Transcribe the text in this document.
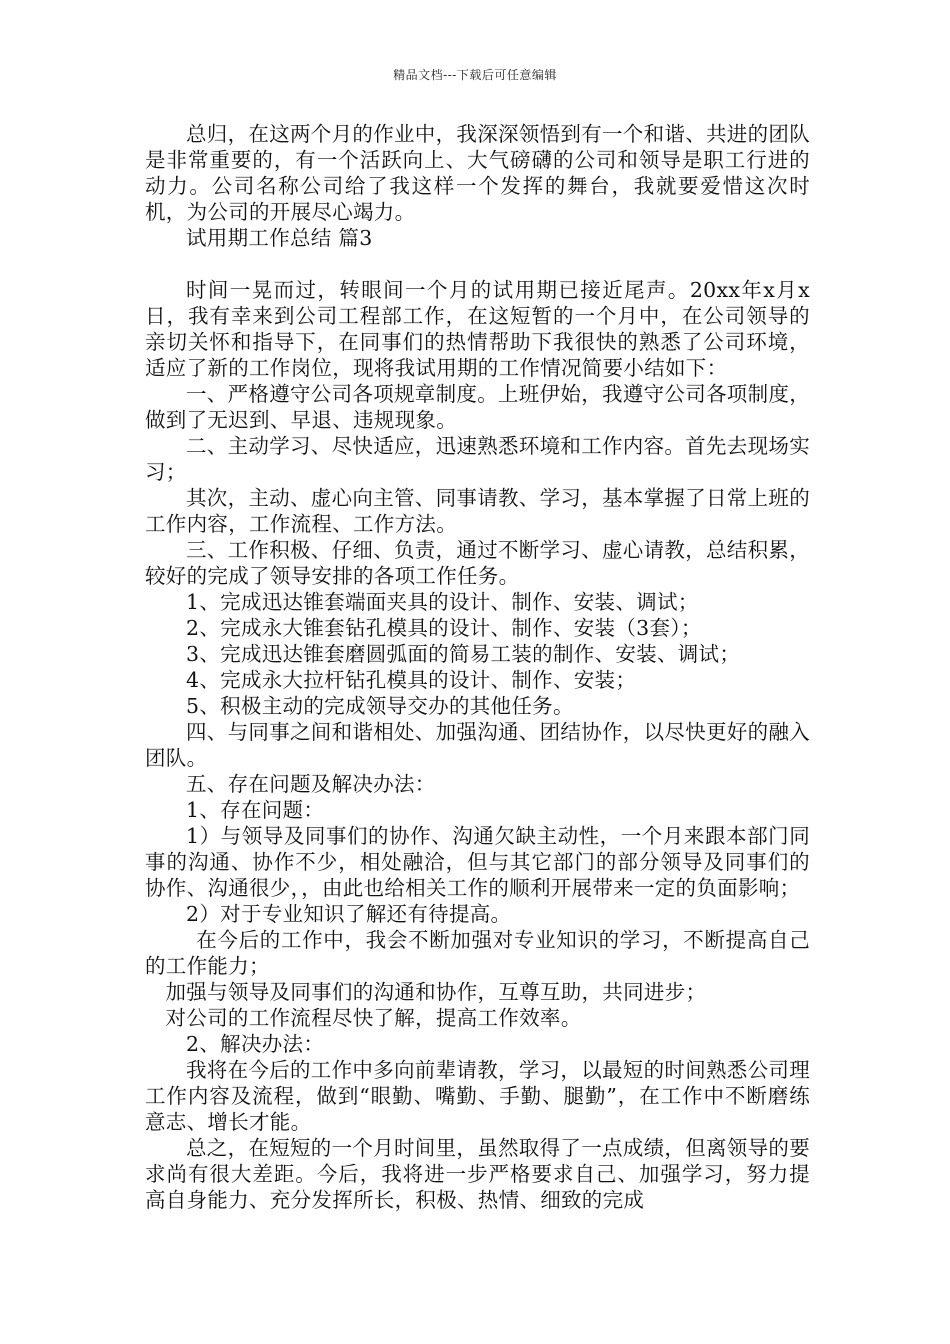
精品文档---下载后可任意编辑

总归，在这两个月的作业中，我深深领悟到有一个和谐、共进的团队是非常重要的，有一个活跃向上、大气磅礴的公司和领导是职工行进的动力。公司名称公司给了我这样一个发挥的舞台，我就要爱惜这次时机，为公司的开展尽心竭力。

试用期工作总结 篇3

时间一晃而过，转眼间一个月的试用期已接近尾声。20xx年x月x日，我有幸来到公司工程部工作，在这短暂的一个月中，在公司领导的亲切关怀和指导下，在同事们的热情帮助下我很快的熟悉了公司环境，适应了新的工作岗位，现将我试用期的工作情况简要小结如下：

一、严格遵守公司各项规章制度。上班伊始，我遵守公司各项制度，做到了无迟到、早退、违规现象。

二、主动学习、尽快适应，迅速熟悉环境和工作内容。首先去现场实习；

其次，主动、虚心向主管、同事请教、学习，基本掌握了日常上班的工作内容，工作流程、工作方法。

三、工作积极、仔细、负责，通过不断学习、虚心请教，总结积累，较好的完成了领导安排的各项工作任务。

1、完成迅达锥套端面夹具的设计、制作、安装、调试；

2、完成永大锥套钻孔模具的设计、制作、安装（3套）；

3、完成迅达锥套磨圆弧面的简易工装的制作、安装、调试；

4、完成永大拉杆钻孔模具的设计、制作、安装；

5、积极主动的完成领导交办的其他任务。

四、与同事之间和谐相处、加强沟通、团结协作，以尽快更好的融入团队。

五、存在问题及解决办法：

1、存在问题：

1）与领导及同事们的协作、沟通欠缺主动性，一个月来跟本部门同事的沟通、协作不少，相处融洽，但与其它部门的部分领导及同事们的协作、沟通很少，，由此也给相关工作的顺利开展带来一定的负面影响；

2）对于专业知识了解还有待提高。

在今后的工作中，我会不断加强对专业知识的学习，不断提高自己的工作能力；

加强与领导及同事们的沟通和协作，互尊互助，共同进步；

对公司的工作流程尽快了解，提高工作效率。

2、解决办法：

我将在今后的工作中多向前辈请教，学习，以最短的时间熟悉公司理工作内容及流程，做到“眼勤、嘴勤、手勤、腿勤”，在工作中不断磨练意志、增长才能。

总之，在短短的一个月时间里，虽然取得了一点成绩，但离领导的要求尚有很大差距。今后，我将进一步严格要求自己、加强学习，努力提高自身能力、充分发挥所长，积极、热情、细致的完成
